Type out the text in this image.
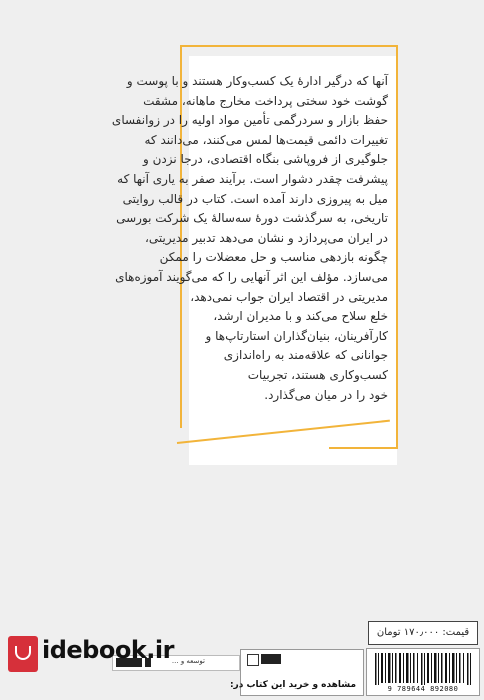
آنها که درگیر ادارهٔ یک کسب‌وکار هستند و با پوست و

گوشت خود سختی پرداخت مخارج ماهانه، مشقت

حفظ بازار و سردرگمی تأمین مواد اولیه را در زوانفسای

تغییرات دائمی قیمت‌ها لمس می‌کنند، می‌دانند که

جلوگیری از فروپاشی بنگاه اقتصادی، درجا نزدن و

پیشرفت چقدر دشوار است. برآیند صفر به یاری آنها که

میل به پیروزی دارند آمده است. کتاب در قالب روایتی

تاریخی، به سرگذشت دورهٔ سه‌سالهٔ یک شرکت بورسی

در ایران می‌پردازد و نشان می‌دهد تدبیر مدیریتی،

چگونه بازدهی مناسب و حل معضلات را ممکن

می‌سازد. مؤلف این اثر آنهایی را که می‌گویند آموزه‌های

مدیریتی در اقتصاد ایران جواب نمی‌دهد،

خلع سلاح می‌کند و با مدیران ارشد،

کارآفرینان، بنیان‌گذاران استارتاپ‌ها و

جوانانی که علاقه‌مند به راه‌اندازی

کسب‌وکاری هستند، تجربیات

خود را در میان می‌گذارد.

قیمت: ۱۷۰٫۰۰۰ تومان
9 789644 892080
توسعه و ...
مشاهده و خرید این کتاب در:
idebook.ir
